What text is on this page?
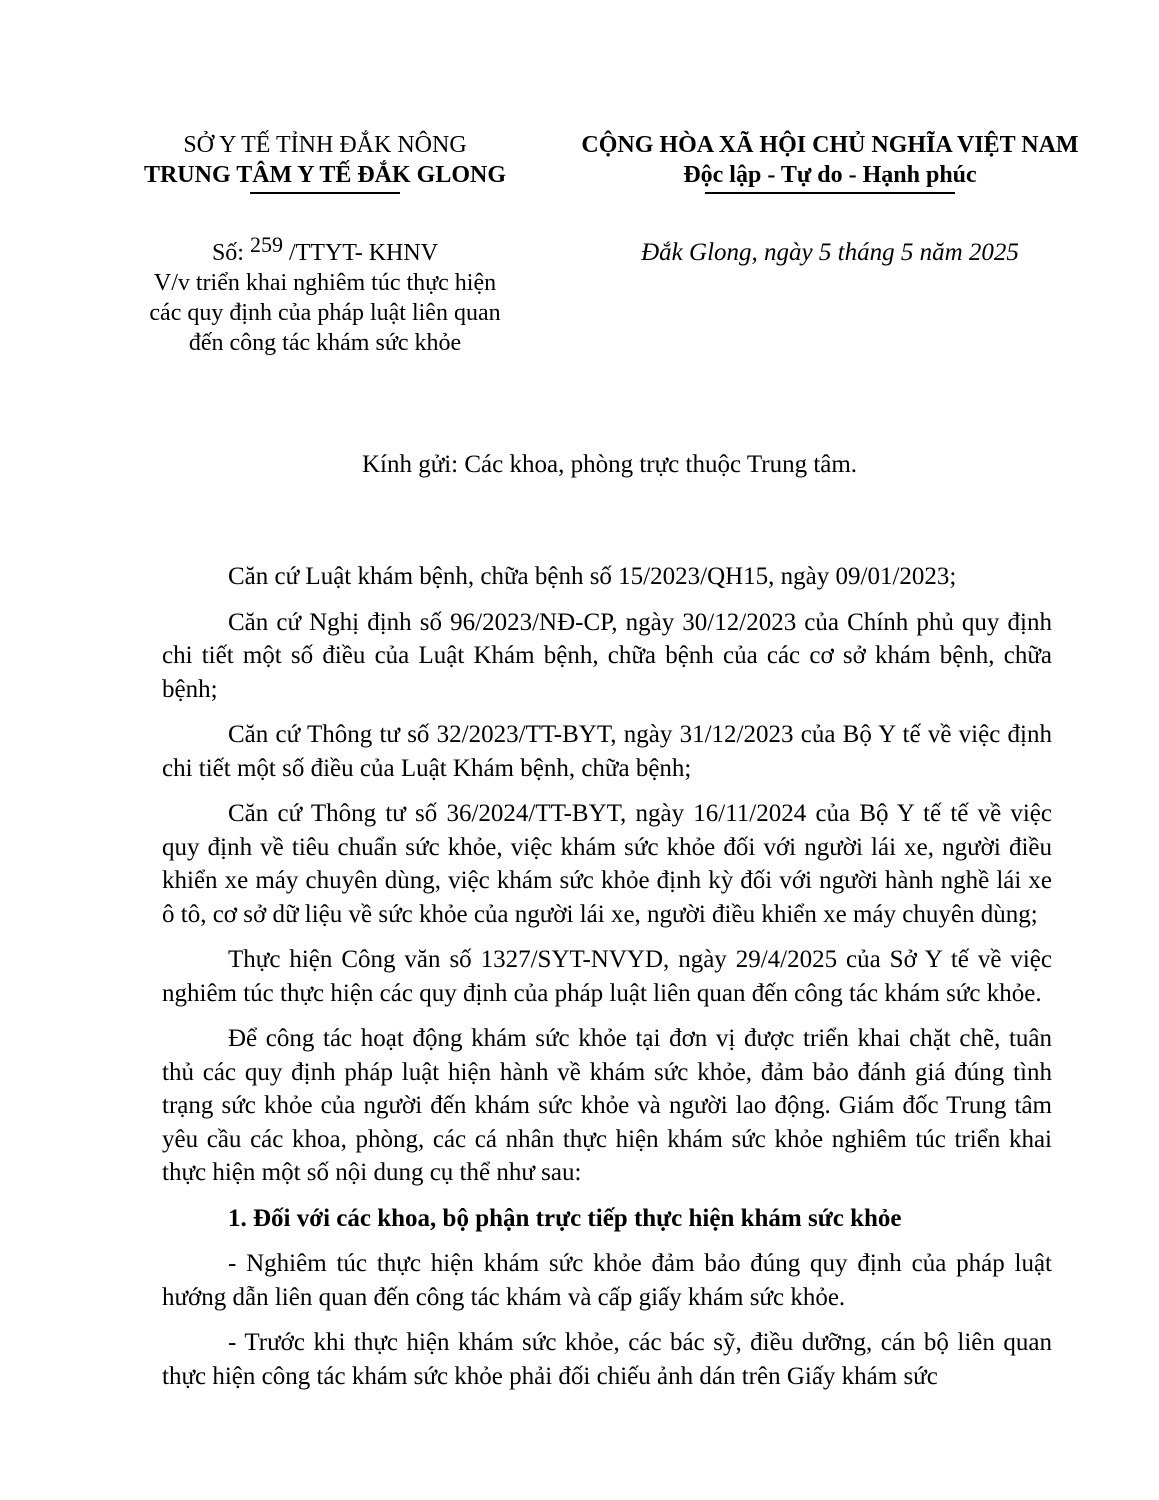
SỞ Y TẾ TỈNH ĐẮK NÔNG
TRUNG TÂM Y TẾ ĐẮK GLONG
CỘNG HÒA XÃ HỘI CHỦ NGHĨA VIỆT NAM
Độc lập - Tự do - Hạnh phúc
Số: 259 /TTYT- KHNV
V/v triển khai nghiêm túc thực hiện
các quy định của pháp luật liên quan
đến công tác khám sức khỏe
Đắk Glong, ngày 5 tháng 5 năm 2025
Kính gửi: Các khoa, phòng trực thuộc Trung tâm.

Căn cứ Luật khám bệnh, chữa bệnh số 15/2023/QH15, ngày 09/01/2023;

Căn cứ Nghị định số 96/2023/NĐ-CP, ngày 30/12/2023 của Chính phủ quy định chi tiết một số điều của Luật Khám bệnh, chữa bệnh của các cơ sở khám bệnh, chữa bệnh;

Căn cứ Thông tư số 32/2023/TT-BYT, ngày 31/12/2023 của Bộ Y tế về việc định chi tiết một số điều của Luật Khám bệnh, chữa bệnh;

Căn cứ Thông tư số 36/2024/TT-BYT, ngày 16/11/2024 của Bộ Y tế tế về việc quy định về tiêu chuẩn sức khỏe, việc khám sức khỏe đối với người lái xe, người điều khiển xe máy chuyên dùng, việc khám sức khỏe định kỳ đối với người hành nghề lái xe ô tô, cơ sở dữ liệu về sức khỏe của người lái xe, người điều khiển xe máy chuyên dùng;

Thực hiện Công văn số 1327/SYT-NVYD, ngày 29/4/2025 của Sở Y tế về việc nghiêm túc thực hiện các quy định của pháp luật liên quan đến công tác khám sức khỏe.

Để công tác hoạt động khám sức khỏe tại đơn vị được triển khai chặt chẽ, tuân thủ các quy định pháp luật hiện hành về khám sức khỏe, đảm bảo đánh giá đúng tình trạng sức khỏe của người đến khám sức khỏe và người lao động. Giám đốc Trung tâm yêu cầu các khoa, phòng, các cá nhân thực hiện khám sức khỏe nghiêm túc triển khai thực hiện một số nội dung cụ thể như sau:

1. Đối với các khoa, bộ phận trực tiếp thực hiện khám sức khỏe

- Nghiêm túc thực hiện khám sức khỏe đảm bảo đúng quy định của pháp luật hướng dẫn liên quan đến công tác khám và cấp giấy khám sức khỏe.

- Trước khi thực hiện khám sức khỏe, các bác sỹ, điều dưỡng, cán bộ liên quan thực hiện công tác khám sức khỏe phải đối chiếu ảnh dán trên Giấy khám sức
